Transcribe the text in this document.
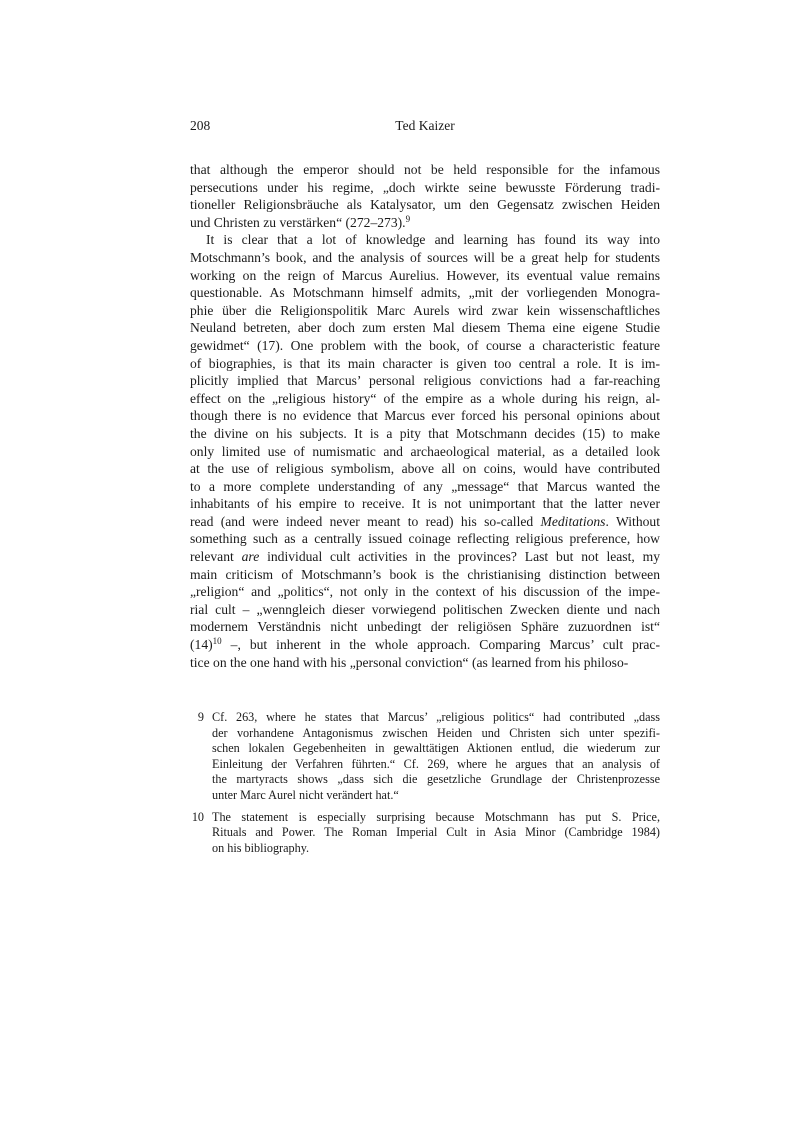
208	Ted Kaizer
that although the emperor should not be held responsible for the infamous
persecutions under his regime, „doch wirkte seine bewusste Förderung tradi-
tioneller Religionsbräuche als Katalysator, um den Gegensatz zwischen Heiden
und Christen zu verstärken“ (272–273).$^9$
It is clear that a lot of knowledge and learning has found its way into
Motschmann’s book, and the analysis of sources will be a great help for students
working on the reign of Marcus Aurelius. However, its eventual value remains
questionable. As Motschmann himself admits, „mit der vorliegenden Monogra-
phie über die Religionspolitik Marc Aurels wird zwar kein wissenschaftliches
Neuland betreten, aber doch zum ersten Mal diesem Thema eine eigene Studie
gewidmet“ (17). One problem with the book, of course a characteristic feature
of biographies, is that its main character is given too central a role. It is im-
plicitly implied that Marcus’ personal religious convictions had a far-reaching
effect on the „religious history“ of the empire as a whole during his reign, al-
though there is no evidence that Marcus ever forced his personal opinions about
the divine on his subjects. It is a pity that Motschmann decides (15) to make
only limited use of numismatic and archaeological material, as a detailed look
at the use of religious symbolism, above all on coins, would have contributed
to a more complete understanding of any „message“ that Marcus wanted the
inhabitants of his empire to receive. It is not unimportant that the latter never
read (and were indeed never meant to read) his so-called Meditations. Without
something such as a centrally issued coinage reflecting religious preference, how
relevant are individual cult activities in the provinces? Last but not least, my
main criticism of Motschmann’s book is the christianising distinction between
„religion“ and „politics“, not only in the context of his discussion of the impe-
rial cult – „wenngleich dieser vorwiegend politischen Zwecken diente und nach
modernem Verständnis nicht unbedingt der religiösen Sphäre zuzuordnen ist“
$(14)^{10}$ –, but inherent in the whole approach. Comparing Marcus’ cult prac-
tice on the one hand with his „personal conviction“ (as learned from his philoso-
9 Cf. 263, where he states that Marcus’ „religious politics“ had contributed „dass
der vorhandene Antagonismus zwischen Heiden und Christen sich unter spezifi-
schen lokalen Gegebenheiten in gewalttätigen Aktionen entlud, die wiederum zur
Einleitung der Verfahren führten.“ Cf. 269, where he argues that an analysis of
the martyracts shows „dass sich die gesetzliche Grundlage der Christenprozesse
unter Marc Aurel nicht verändert hat.“
10 The statement is especially surprising because Motschmann has put S. Price,
Rituals and Power. The Roman Imperial Cult in Asia Minor (Cambridge 1984)
on his bibliography.
